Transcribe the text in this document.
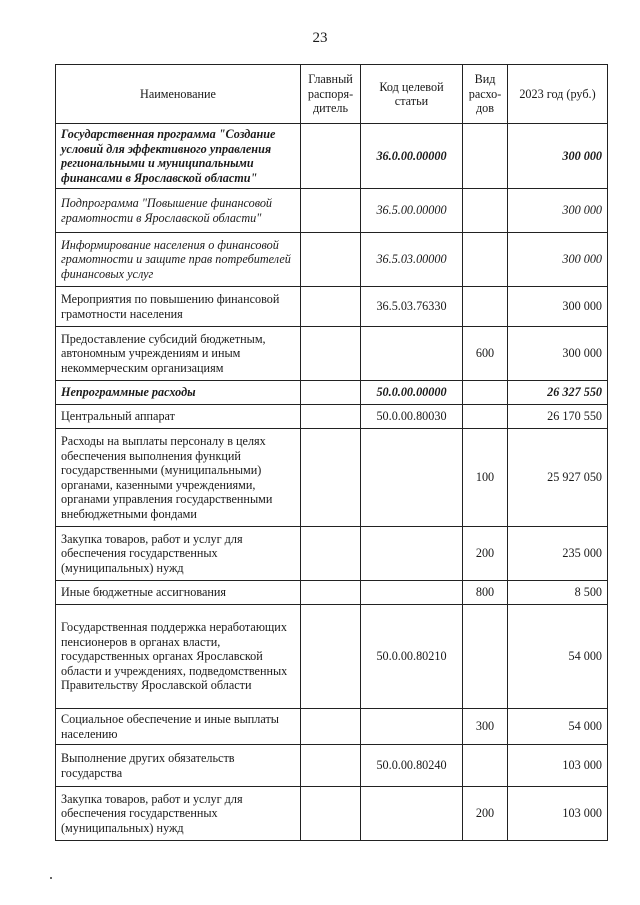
23
Наименование	Главный распоря-дитель	Код целевой статьи	Вид расхо-дов	2023 год (руб.)
Государственная программа "Создание условий для эффективного управления региональными и муниципальными финансами в Ярославской области"		36.0.00.00000		300 000
Подпрограмма "Повышение финансовой грамотности в Ярославской области"		36.5.00.00000		300 000
Информирование населения о финансовой грамотности и защите прав потребителей финансовых услуг		36.5.03.00000		300 000
Мероприятия по повышению финансовой грамотности населения		36.5.03.76330		300 000
Предоставление субсидий бюджетным, автономным учреждениям и иным некоммерческим организациям			600	300 000
Непрограммные расходы		50.0.00.00000		26 327 550
Центральный аппарат		50.0.00.80030		26 170 550
Расходы на выплаты персоналу в целях обеспечения выполнения функций государственными (муниципальными) органами, казенными учреждениями, органами управления государственными внебюджетными фондами			100	25 927 050
Закупка товаров, работ и услуг для обеспечения государственных (муниципальных) нужд			200	235 000
Иные бюджетные ассигнования			800	8 500
Государственная поддержка неработающих пенсионеров в органах власти, государственных органах Ярославской области и учреждениях, подведомственных Правительству Ярославской области		50.0.00.80210		54 000
Социальное обеспечение и иные выплаты населению			300	54 000
Выполнение других обязательств государства		50.0.00.80240		103 000
Закупка товаров, работ и услуг для обеспечения государственных (муниципальных) нужд			200	103 000
